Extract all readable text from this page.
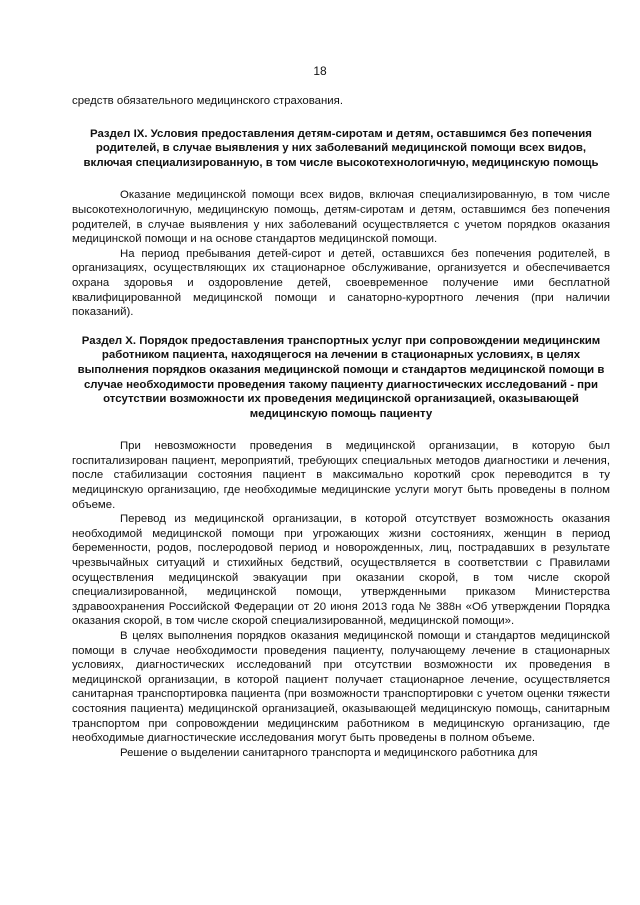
18

средств обязательного медицинского страхования.

Раздел IX. Условия предоставления детям-сиротам и детям, оставшимся без попечения родителей, в случае выявления у них заболеваний медицинской помощи всех видов, включая специализированную, в том числе высокотехнологичную, медицинскую помощь

Оказание медицинской помощи всех видов, включая специализированную, в том числе высокотехнологичную, медицинскую помощь, детям-сиротам и детям, оставшимся без попечения родителей, в случае выявления у них заболеваний осуществляется с учетом порядков оказания медицинской помощи и на основе стандартов медицинской помощи.

На период пребывания детей-сирот и детей, оставшихся без попечения родителей, в организациях, осуществляющих их стационарное обслуживание, организуется и обеспечивается охрана здоровья и оздоровление детей, своевременное получение ими бесплатной квалифицированной медицинской помощи и санаторно-курортного лечения (при наличии показаний).

Раздел X. Порядок предоставления транспортных услуг при сопровождении медицинским работником пациента, находящегося на лечении в стационарных условиях, в целях выполнения порядков оказания медицинской помощи и стандартов медицинской помощи в случае необходимости проведения такому пациенту диагностических исследований - при отсутствии возможности их проведения медицинской организацией, оказывающей медицинскую помощь пациенту

При невозможности проведения в медицинской организации, в которую был госпитализирован пациент, мероприятий, требующих специальных методов диагностики и лечения, после стабилизации состояния пациент в максимально короткий срок переводится в ту медицинскую организацию, где необходимые медицинские услуги могут быть проведены в полном объеме.

Перевод из медицинской организации, в которой отсутствует возможность оказания необходимой медицинской помощи при угрожающих жизни состояниях, женщин в период беременности, родов, послеродовой период и новорожденных, лиц, пострадавших в результате чрезвычайных ситуаций и стихийных бедствий, осуществляется в соответствии с Правилами осуществления медицинской эвакуации при оказании скорой, в том числе скорой специализированной, медицинской помощи, утвержденными приказом Министерства здравоохранения Российской Федерации от 20 июня 2013 года № 388н «Об утверждении Порядка оказания скорой, в том числе скорой специализированной, медицинской помощи».

В целях выполнения порядков оказания медицинской помощи и стандартов медицинской помощи в случае необходимости проведения пациенту, получающему лечение в стационарных условиях, диагностических исследований при отсутствии возможности их проведения в медицинской организации, в которой пациент получает стационарное лечение, осуществляется санитарная транспортировка пациента (при возможности транспортировки с учетом оценки тяжести состояния пациента) медицинской организацией, оказывающей медицинскую помощь, санитарным транспортом при сопровождении медицинским работником в медицинскую организацию, где необходимые диагностические исследования могут быть проведены в полном объеме.

Решение о выделении санитарного транспорта и медицинского работника для
